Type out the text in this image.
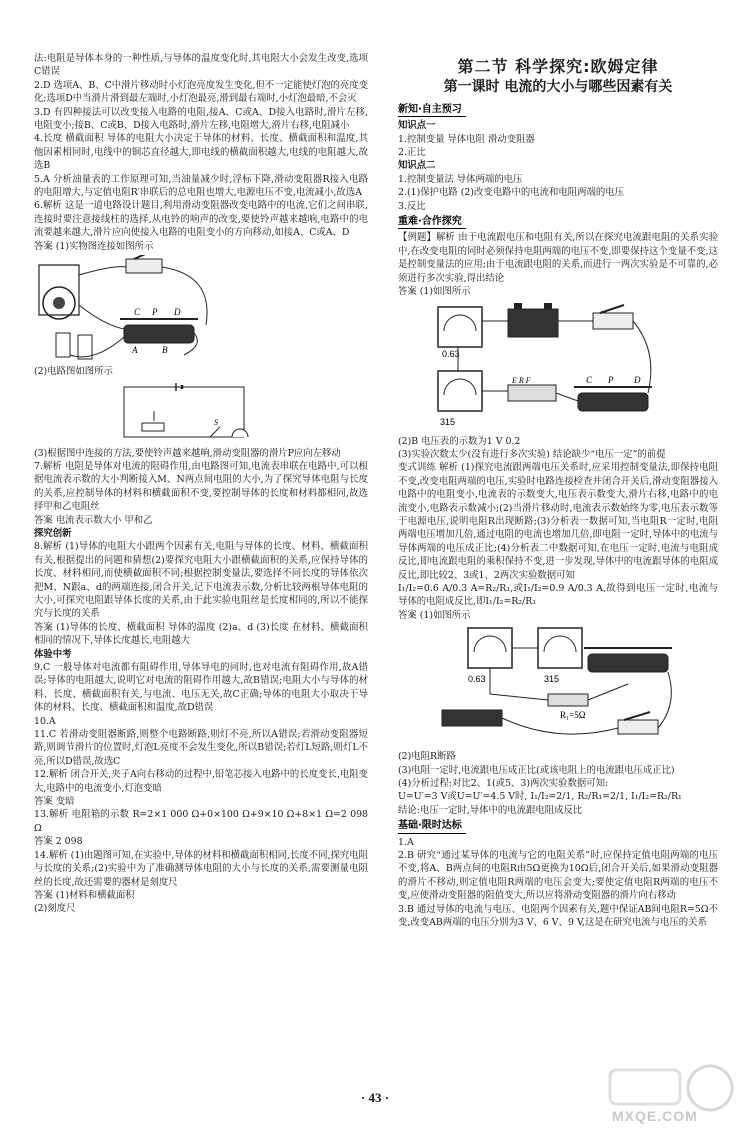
法:电阻是导体本身的一种性质,与导体的温度变化时,其电阻大小会发生改变,选项C错误

2.D 选项A、B、C中滑片移动时小灯泡亮度发生变化,但不一定能使灯泡的亮度变化;选项D中当滑片滑到最左端时,小灯泡最亮,滑到最右端时,小灯泡最暗,不会灭

3.D 有四种接法可以改变接入电路的电阻,接A、C或A、D接入电路时,滑片左移,电阻变小;接B、C或B、D接入电路时,滑片左移,电阻增大,滑片右移,电阻减小

4.长度 横截面积 导体的电阻大小决定于导体的材料、长度、横截面积和温度,其他因素相同时,电线中的铜芯直径越大,即电线的横截面积越大,电线的电阻越大,故选B

5.A 分析油量表的工作原理可知,当油量减少时,浮标下降,滑动变阻器R接入电路的电阻增大,与定值电阻R′串联后的总电阻也增大,电源电压不变,电流减小,故选A

6.解析 这是一道电路设计题目,利用滑动变阻器改变电路中的电流,它们之间串联,连接时要注意接线柱的选择,从电铃的响声的改变,要使铃声越来越响,电路中的电流要越来越大,滑片应向使接入电路的电阻变小的方向移动,如接A、C或A、D

答案 (1)实物图连接如图所示

C P D
A	B

(2)电路图如图所示

S

(3)根据图中连接的方法,要使铃声越来越响,滑动变阻器的滑片P应向左移动

7.解析 电阻是导体对电流的阻碍作用,由电路图可知,电流表串联在电路中,可以根据电流表示数的大小判断接入M、N两点间电阻的大小,为了探究导体电阻与长度的关系,应控制导体的材料和横截面积不变,要控制导体的长度和材料都相同,故选择甲和乙电阻丝

答案 电流表示数大小 甲和乙

探究创新

8.解析 (1)导体的电阻大小跟两个因素有关,电阻与导体的长度、材料、横截面积有关,根据提出的问题和猜想(2)要探究电阻大小跟横截面积的关系,应保持导体的长度、材料相同,而使横截面积不同;根据控制变量法,要选择不同长度的导体依次把M、N跟a、d的两端连接,闭合开关,记下电流表示数,分析比较两根导体电阻的大小,可探究电阻跟导体长度的关系,由于此实验电阻丝是长度相同的,所以不能探究与长度的关系

答案 (1)导体的长度、横截面积 导体的温度 (2)a、d (3)长度 在材料、横截面积相同的情况下,导体长度越长,电阻越大

体验中考

9.C 一般导体对电流都有阻碍作用,导体导电的同时,也对电流有阻碍作用,故A错误;导体的电阻越大,说明它对电流的阻碍作用越大,故B错误;电阻大小与导体的材料、长度、横截面积有关,与电流、电压无关,故C正确;导体的电阻大小取决于导体的材料、长度、横截面积和温度,故D错误

10.A

11.C 若滑动变阻器断路,则整个电路断路,则灯不亮,所以A错误;若滑动变阻器短路,则调节滑片的位置时,灯泡L亮度不会发生变化,所以B错误;若灯L短路,则灯L不亮,所以D错误,故选C

12.解析 闭合开关,夹子A向右移动的过程中,铅笔芯接入电路中的长度变长,电阻变大,电路中的电流变小,灯泡变暗

答案 变暗

13.解析 电阻箱的示数 R=2×1 000 Ω+0×100 Ω+9×10 Ω+8×1 Ω=2 098 Ω

答案 2 098

14.解析 (1)由题图可知,在实验中,导体的材料和横截面积相同,长度不同,探究电阻与长度的关系;(2)实验中为了准确测导体电阻的大小与长度的关系,需要测量电阻丝的长度,故还需要的器材是刻度尺

答案 (1)材料和横截面积

(2)刻度尺

第二节 科学探究:欧姆定律
第一课时 电流的大小与哪些因素有关
新知·自主预习

知识点一

1.控制变量 导体电阻 滑动变阻器

2.正比

知识点二

1.控制变量法 导体两端的电压

2.(1)保护电路 (2)改变电路中的电流和电阻两端的电压

3.反比

重难·合作探究

【例题】解析 由于电流跟电压和电阻有关,所以在探究电流跟电阻的关系实验中,在改变电阻的同时必须保持电阻两端的电压不变,即要保持这个变量不变,这是控制变量法的应用;由于电流跟电阻的关系,而进行一两次实验是不可靠的,必须进行多次实验,得出结论

答案 (1)如图所示

0.63
315
E R F	C P D

(2)B 电压表的示数为1 V 0.2

(3)实验次数太少(没有进行多次实验) 结论缺少“电压一定”的前提

变式训练 解析 (1)探究电流跟两端电压关系时,应采用控制变量法,即保持电阻不变,改变电阻两端的电压,实验时电路连接检查并闭合开关后,滑动变阻器接入电路中的电阻变小,电流表的示数变大,电压表示数变大,滑片右移,电路中的电流变小,电路表示数减小;(2)当滑片移动时,电流表示数始终为零,电压表示数等于电源电压,说明电阻R出现断路;(3)分析表一数据可知,当电阻R一定时,电阻两端电压增加几倍,通过电阻的电流也增加几倍,即电阻一定时,导体中的电流与导体两端的电压成正比;(4)分析表二中数据可知,在电压一定时,电流与电阻成反比,即电流跟电阻的乘积保持不变,进一步发现,导体中的电流跟导体的电阻成反比,即比较2、3或1、2两次实验数据可知

I₁/I₂=0.6 A/0.3 A=R₂/R₁,或I₁/I₂=0.9 A/0.3 A,故得到电压一定时,电流与导体的电阻成反比,即I₁/I₂=R₂/R₁

答案 (1)如图所示

0.63	315
R₁=5Ω

(2)电阻R断路

(3)电阻一定时,电流跟电压成正比(或该电阻上的电流跟电压成正比)

(4)分析过程:对比2、1(或5、3)两次实验数据可知:

U=U′=3 V或U=U′=4.5 V时, I₁/I₂=2/1, R₂/R₁=2/1, I₁/I₂=R₂/R₁

结论:电压一定时,导体中的电流跟电阻成反比

基础·限时达标

1.A

2.B 研究“通过某导体的电流与它的电阻关系”时,应保持定值电阻两端的电压不变,将A、B两点间的电阻R由5Ω更换为10Ω后,闭合开关后,如果滑动变阻器的滑片不移动,则定值电阻R两端的电压会变大;要使定值电阻R两端的电压不变,应使滑动变阻器的阻值变大,所以应将滑动变阻器的滑片向右移动

3.B 通过导体的电流与电压、电阻两个因素有关,题中保证AB间电阻R=5Ω不变,改变AB两端的电压分别为3 V、6 V、9 V,这是在研究电流与电压的关系

· 43 ·
MXQE.COM
